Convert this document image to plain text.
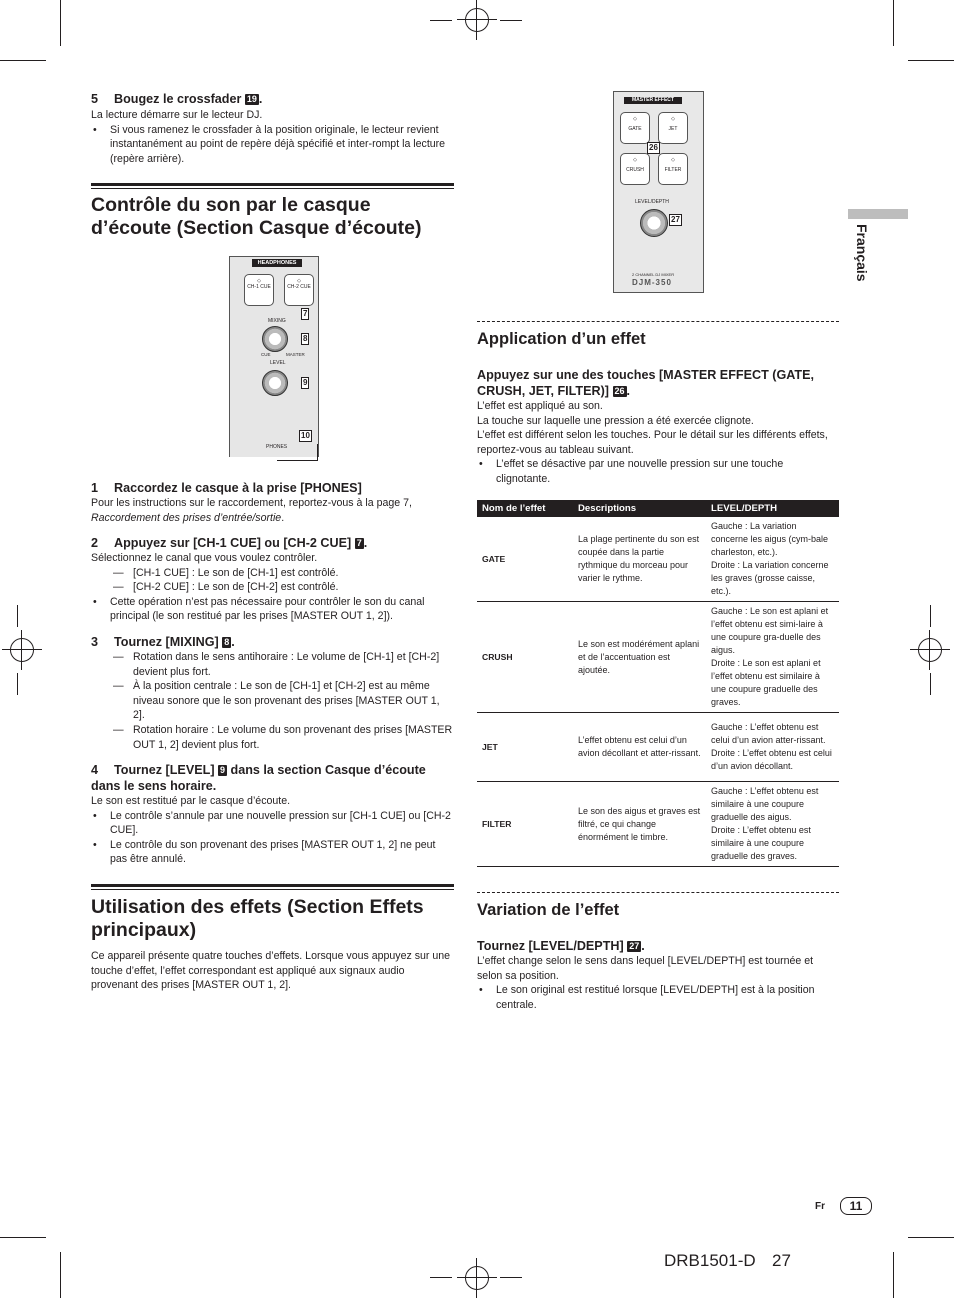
5 Bougez le crossfader 19 .
La lecture démarre sur le lecteur DJ.
• Si vous ramenez le crossfader à la position originale, le lecteur revient instantanément au point de repère déjà spécifié et inter-rompt la lecture (repère arrière).
Contrôle du son par le casque d’écoute (Section Casque d’écoute)
HEADPHONES
◇
CH-1 CUE
◇
CH-2 CUE
MIXING
CUE	MASTER
LEVEL
PHONES
7
8
9
10
1 Raccordez le casque à la prise [PHONES]
Pour les instructions sur le raccordement, reportez-vous à la page 7,
Raccordement des prises d’entrée/sortie.
2 Appuyez sur [CH-1 CUE] ou [CH-2 CUE] 7 .
Sélectionnez le canal que vous voulez contrôler.
— [CH-1 CUE] : Le son de [CH-1] est contrôlé.
— [CH-2 CUE] : Le son de [CH-2] est contrôlé.
• Cette opération n’est pas nécessaire pour contrôler le son du canal principal (le son restitué par les prises [MASTER OUT 1, 2]).
3 Tournez [MIXING] 8 .
— Rotation dans le sens antihoraire : Le volume de [CH-1] et [CH-2] devient plus fort.
— À la position centrale : Le son de [CH-1] et [CH-2] est au même niveau sonore que le son provenant des prises [MASTER OUT 1, 2].
— Rotation horaire : Le volume du son provenant des prises [MASTER OUT 1, 2] devient plus fort.
4 Tournez [LEVEL] 9 dans la section Casque d’écoute dans le sens horaire.
Le son est restitué par le casque d’écoute.
• Le contrôle s’annule par une nouvelle pression sur [CH-1 CUE] ou [CH-2 CUE].
• Le contrôle du son provenant des prises [MASTER OUT 1, 2] ne peut pas être annulé.
Utilisation des effets (Section Effets principaux)
Ce appareil présente quatre touches d’effets. Lorsque vous appuyez sur une touche d’effet, l’effet correspondant est appliqué aux signaux audio provenant des prises [MASTER OUT 1, 2].
MASTER EFFECT
◇
GATE
◇
JET
◇
CRUSH
◇
FILTER
LEVEL/DEPTH
2 CHANNEL DJ MIXER
DJM-350
26
27
Application d’un effet
Appuyez sur une des touches [MASTER EFFECT (GATE, CRUSH, JET, FILTER)] 26 .
L’effet est appliqué au son.
La touche sur laquelle une pression a été exercée clignote.
L’effet est différent selon les touches. Pour le détail sur les différents effets, reportez-vous au tableau suivant.
• L’effet se désactive par une nouvelle pression sur une touche clignotante.
Nom de l’effet	Descriptions	LEVEL/DEPTH
GATE	La plage pertinente du son est coupée dans la partie rythmique du morceau pour varier le rythme.	Gauche : La variation concerne les aigus (cym-bale charleston, etc.).
Droite : La variation concerne les graves (grosse caisse, etc.).
CRUSH	Le son est modérément aplani et de l’accentuation est ajoutée.	Gauche : Le son est aplani et l’effet obtenu est simi-laire à une coupure gra-duelle des aigus.
Droite : Le son est aplani et l’effet obtenu est similaire à une coupure graduelle des graves.
JET	L’effet obtenu est celui d’un avion décollant et atter-rissant.	Gauche : L’effet obtenu est celui d’un avion atter-rissant.
Droite : L’effet obtenu est celui d’un avion décollant.
FILTER	Le son des aigus et graves est filtré, ce qui change énormément le timbre.	Gauche : L’effet obtenu est similaire à une coupure graduelle des aigus.
Droite : L’effet obtenu est similaire à une coupure graduelle des graves.
Variation de l’effet
Tournez [LEVEL/DEPTH] 27 .
L’effet change selon le sens dans lequel [LEVEL/DEPTH] est tournée et selon sa position.
• Le son original est restitué lorsque [LEVEL/DEPTH] est à la position centrale.
Français
Fr	11
DRB1501-D 27
